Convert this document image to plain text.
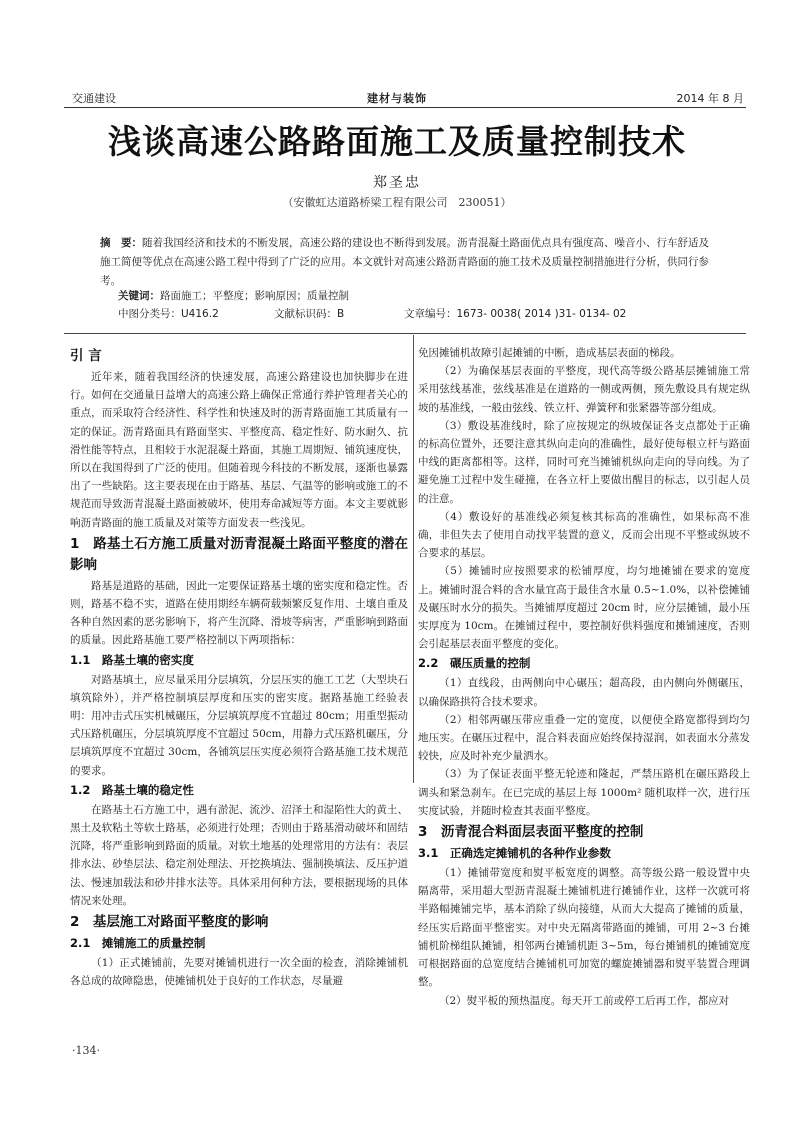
交通建设	建材与装饰	2014 年 8 月
浅谈高速公路路面施工及质量控制技术
郑圣忠
（安徽虹达道路桥梁工程有限公司　230051）
摘　要：随着我国经济和技术的不断发展，高速公路的建设也不断得到发展。沥青混凝土路面优点具有强度高、噪音小、行车舒适及施工简便等优点在高速公路工程中得到了广泛的应用。本文就针对高速公路沥青路面的施工技术及质量控制措施进行分析，供同行参考。
关键词：路面施工；平整度；影响原因；质量控制
中图分类号：U416.2	文献标识码：B	文章编号：1673- 0038( 2014 )31- 0134- 02
引 言

近年来，随着我国经济的快速发展，高速公路建设也加快脚步在进行。如何在交通量日益增大的高速公路上确保正常通行养护管理者关心的重点，而采取符合经济性、科学性和快速及时的沥青路面施工其质量有一定的保证。沥青路面具有路面坚实、平整度高、稳定性好、防水耐久、抗滑性能等特点，且相较于水泥混凝土路面，其施工周期短、铺筑速度快，所以在我国得到了广泛的使用。但随着现今科技的不断发展，逐渐也暴露出了一些缺陷。这主要表现在由于路基、基层、气温等的影响或施工的不规范而导致沥青混凝土路面被破坏，使用寿命减短等方面。本文主要就影响沥青路面的施工质量及对策等方面发表一些浅见。

1　路基土石方施工质量对沥青混凝土路面平整度的潜在影响

路基是道路的基础，因此一定要保证路基土壤的密实度和稳定性。否则，路基不稳不实，道路在使用期经车辆荷载频繁反复作用、土壤自重及各种自然因素的恶劣影响下，将产生沉降、滑坡等病害，严重影响到路面的质量。因此路基施工要严格控制以下两项指标：

1.1　路基土壤的密实度

对路基填土，应尽量采用分层填筑，分层压实的施工工艺（大型块石填筑除外），并严格控制填层厚度和压实的密实度。据路基施工经验表明：用冲击式压实机械碾压，分层填筑厚度不宜超过 80cm；用重型振动式压路机碾压，分层填筑厚度不宜超过 50cm，用静力式压路机碾压，分层填筑厚度不宜超过 30cm，各铺筑层压实度必须符合路基施工技术规范的要求。

1.2　路基土壤的稳定性

在路基土石方施工中，遇有淤泥、流沙、沼泽土和湿陷性大的黄土、黑土及软粘土等软土路基，必须进行处理；否则由于路基滑动破坏和固结沉降，将严重影响到路面的质量。对软土地基的处理常用的方法有：表层排水法、砂垫层法、稳定剂处理法、开挖换填法、强制换填法、反压护道法、慢速加载法和砂井排水法等。具体采用何种方法，要根据现场的具体情况来处理。

2　基层施工对路面平整度的影响
2.1　摊铺施工的质量控制

（1）正式摊铺前，先要对摊铺机进行一次全面的检查，消除摊铺机各总成的故障隐患，使摊铺机处于良好的工作状态，尽量避

免因摊铺机故障引起摊铺的中断，造成基层表面的梯段。

（2）为确保基层表面的平整度，现代高等级公路基层摊铺施工常采用弦线基准，弦线基准是在道路的一侧或两侧，预先敷设具有规定纵坡的基准线，一般由弦线、铁立杆、弹簧秤和张紧器等部分组成。

（3）敷设基准线时，除了应按规定的纵坡保证各支点都处于正确的标高位置外，还要注意其纵向走向的准确性，最好使每根立杆与路面中线的距离都相等。这样，同时可充当摊铺机纵向走向的导向线。为了避免施工过程中发生碰撞，在各立杆上要做出醒目的标志，以引起人员的注意。

（4）敷设好的基准线必须复核其标高的准确性，如果标高不准确，非但失去了使用自动找平装置的意义，反而会出现不平整或纵坡不合要求的基层。

（5）摊铺时应按照要求的松铺厚度，均匀地摊铺在要求的宽度上。摊铺时混合料的含水量宜高于最佳含水量 0.5~1.0%，以补偿摊铺及碾压时水分的损失。当摊铺厚度超过 20cm 时，应分层摊铺，最小压实厚度为 10cm。在摊铺过程中，要控制好供料强度和摊铺速度，否则会引起基层表面平整度的变化。

2.2　碾压质量的控制

（1）直线段，由两侧向中心碾压；超高段，由内侧向外侧碾压，以确保路拱符合技术要求。

（2）相邻两碾压带应重叠一定的宽度，以便使全路宽都得到均匀地压实。在碾压过程中，混合料表面应始终保持湿润，如表面水分蒸发较快，应及时补充少量洒水。

（3）为了保证表面平整无轮迹和隆起，严禁压路机在碾压路段上调头和紧急刹车。在已完成的基层上每 1000m² 随机取样一次，进行压实度试验，并随时检查其表面平整度。

3　沥青混合料面层表面平整度的控制
3.1　正确选定摊铺机的各种作业参数

（1）摊铺带宽度和熨平板宽度的调整。高等级公路一般设置中央隔离带，采用超大型沥青混凝土摊铺机进行摊铺作业，这样一次就可将半路幅摊铺完毕，基本消除了纵向接缝，从而大大提高了摊铺的质量，经压实后路面平整密实。对中央无隔离带路面的摊铺，可用 2~3 台摊铺机阶梯组队摊铺，相邻两台摊铺机距 3~5m，每台摊铺机的摊铺宽度可根据路面的总宽度结合摊铺机可加宽的螺旋摊铺器和熨平装置合理调整。

（2）熨平板的预热温度。每天开工前或停工后再工作，都应对

·134·
